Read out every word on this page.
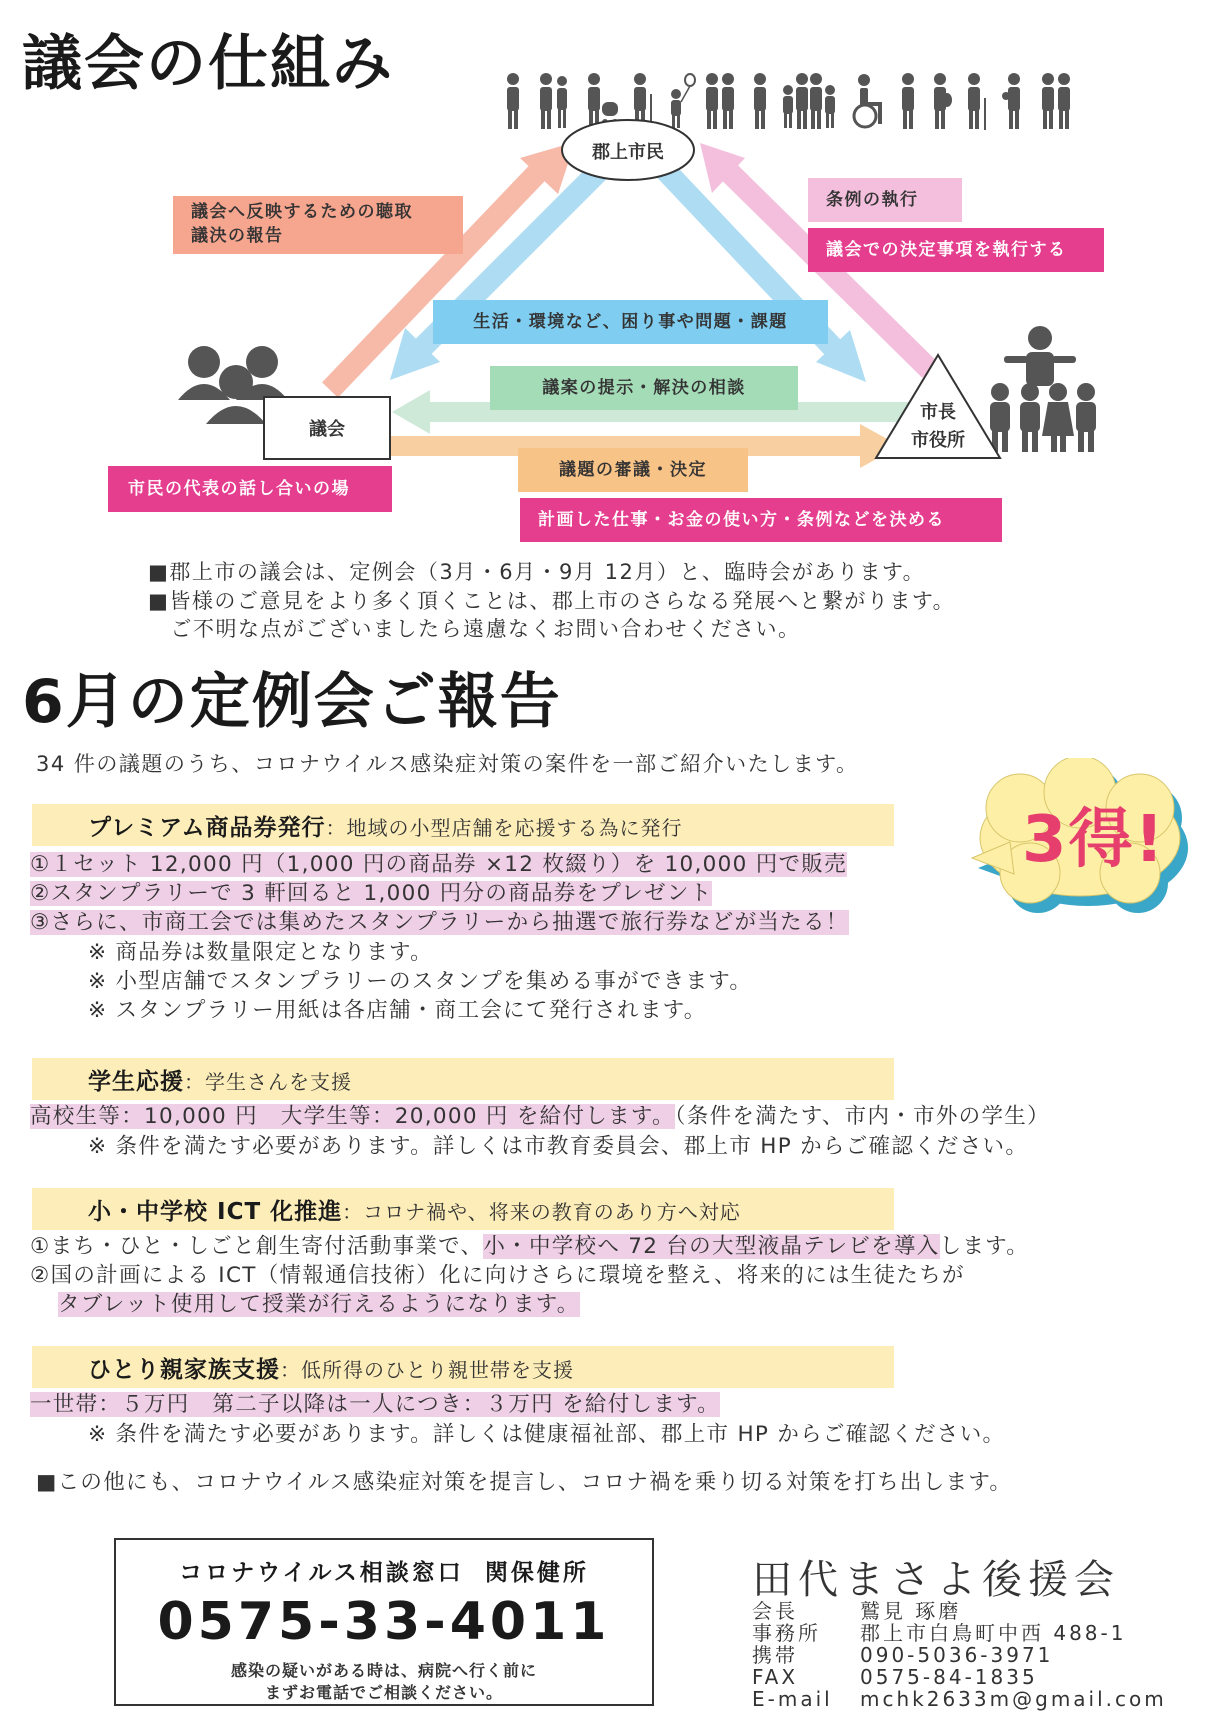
議会の仕組み
郡上市民
議会
市長
市役所
議会へ反映するための聴取
議決の報告
条例の執行
議会での決定事項を執行する
生活・環境など、困り事や問題・課題
議案の提示・解決の相談
議題の審議・決定
市民の代表の話し合いの場
計画した仕事・お金の使い方・条例などを決める
■郡上市の議会は、定例会（3月・6月・9月 12月）と、臨時会があります。
■皆様のご意見をより多く頂くことは、郡上市のさらなる発展へと繋がります。
　ご不明な点がございましたら遠慮なくお問い合わせください。
6月の定例会ご報告
34 件の議題のうち、コロナウイルス感染症対策の案件を一部ご紹介いたします。
3得!
プレミアム商品券発行：地域の小型店舗を応援する為に発行
①１セット 12,000 円（1,000 円の商品券 ×12 枚綴り）を 10,000 円で販売
②スタンプラリーで 3 軒回ると 1,000 円分の商品券をプレゼント
③さらに、市商工会では集めたスタンプラリーから抽選で旅行券などが当たる！
※ 商品券は数量限定となります。
※ 小型店舗でスタンプラリーのスタンプを集める事ができます。
※ スタンプラリー用紙は各店舗・商工会にて発行されます。
学生応援：学生さんを支援
高校生等：10,000 円　大学生等：20,000 円 を給付します。（条件を満たす、市内・市外の学生）
※ 条件を満たす必要があります。詳しくは市教育委員会、郡上市 HP からご確認ください。
小・中学校 ICT 化推進：コロナ禍や、将来の教育のあり方へ対応
①まち・ひと・しごと創生寄付活動事業で、小・中学校へ 72 台の大型液晶テレビを導入します。
②国の計画による ICT（情報通信技術）化に向けさらに環境を整え、将来的には生徒たちが
タブレット使用して授業が行えるようになります。
ひとり親家族支援：低所得のひとり親世帯を支援
一世帯：５万円　第二子以降は一人につき：３万円 を給付します。
※ 条件を満たす必要があります。詳しくは健康福祉部、郡上市 HP からご確認ください。
■この他にも、コロナウイルス感染症対策を提言し、コロナ禍を乗り切る対策を打ち出します。
コロナウイルス相談窓口 関保健所
0575-33-4011
感染の疑いがある時は、病院へ行く前に
まずお電話でご相談ください。
田代まさよ後援会
会長	鷲見 琢磨
事務所 郡上市白鳥町中西 488-1
携帯	090-5036-3971
FAX	0575-84-1835
E-mail mchk2633m@gmail.com
